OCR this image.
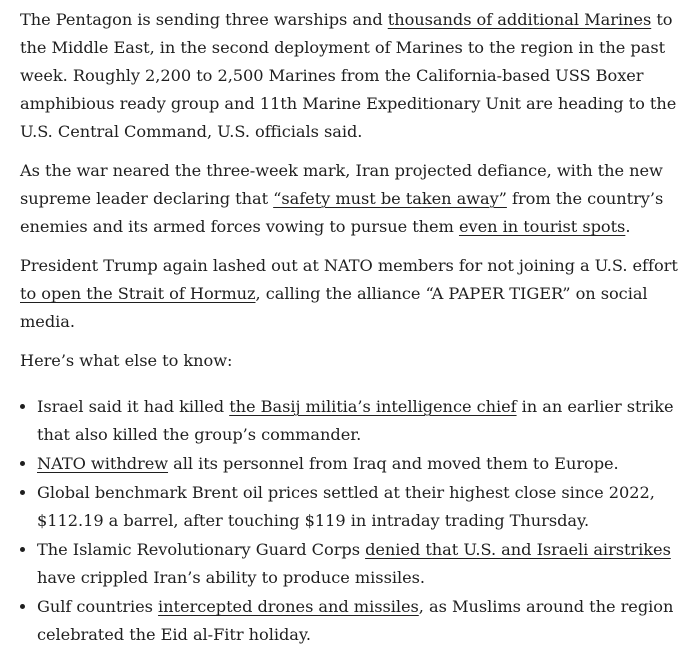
The Pentagon is sending three warships and thousands of additional Marines to the Middle East, in the second deployment of Marines to the region in the past week. Roughly 2,200 to 2,500 Marines from the California-based USS Boxer amphibious ready group and 11th Marine Expeditionary Unit are heading to the U.S. Central Command, U.S. officials said.

As the war neared the three-week mark, Iran projected defiance, with the new supreme leader declaring that “safety must be taken away” from the country’s enemies and its armed forces vowing to pursue them even in tourist spots.

President Trump again lashed out at NATO members for not joining a U.S. effort to open the Strait of Hormuz, calling the alliance “A PAPER TIGER” on social media.

Here’s what else to know:

• Israel said it had killed the Basij militia’s intelligence chief in an earlier strike that also killed the group’s commander.
• NATO withdrew all its personnel from Iraq and moved them to Europe.
• Global benchmark Brent oil prices settled at their highest close since 2022, $112.19 a barrel, after touching $119 in intraday trading Thursday.
• The Islamic Revolutionary Guard Corps denied that U.S. and Israeli airstrikes have crippled Iran’s ability to produce missiles.
• Gulf countries intercepted drones and missiles, as Muslims around the region celebrated the Eid al-Fitr holiday.
